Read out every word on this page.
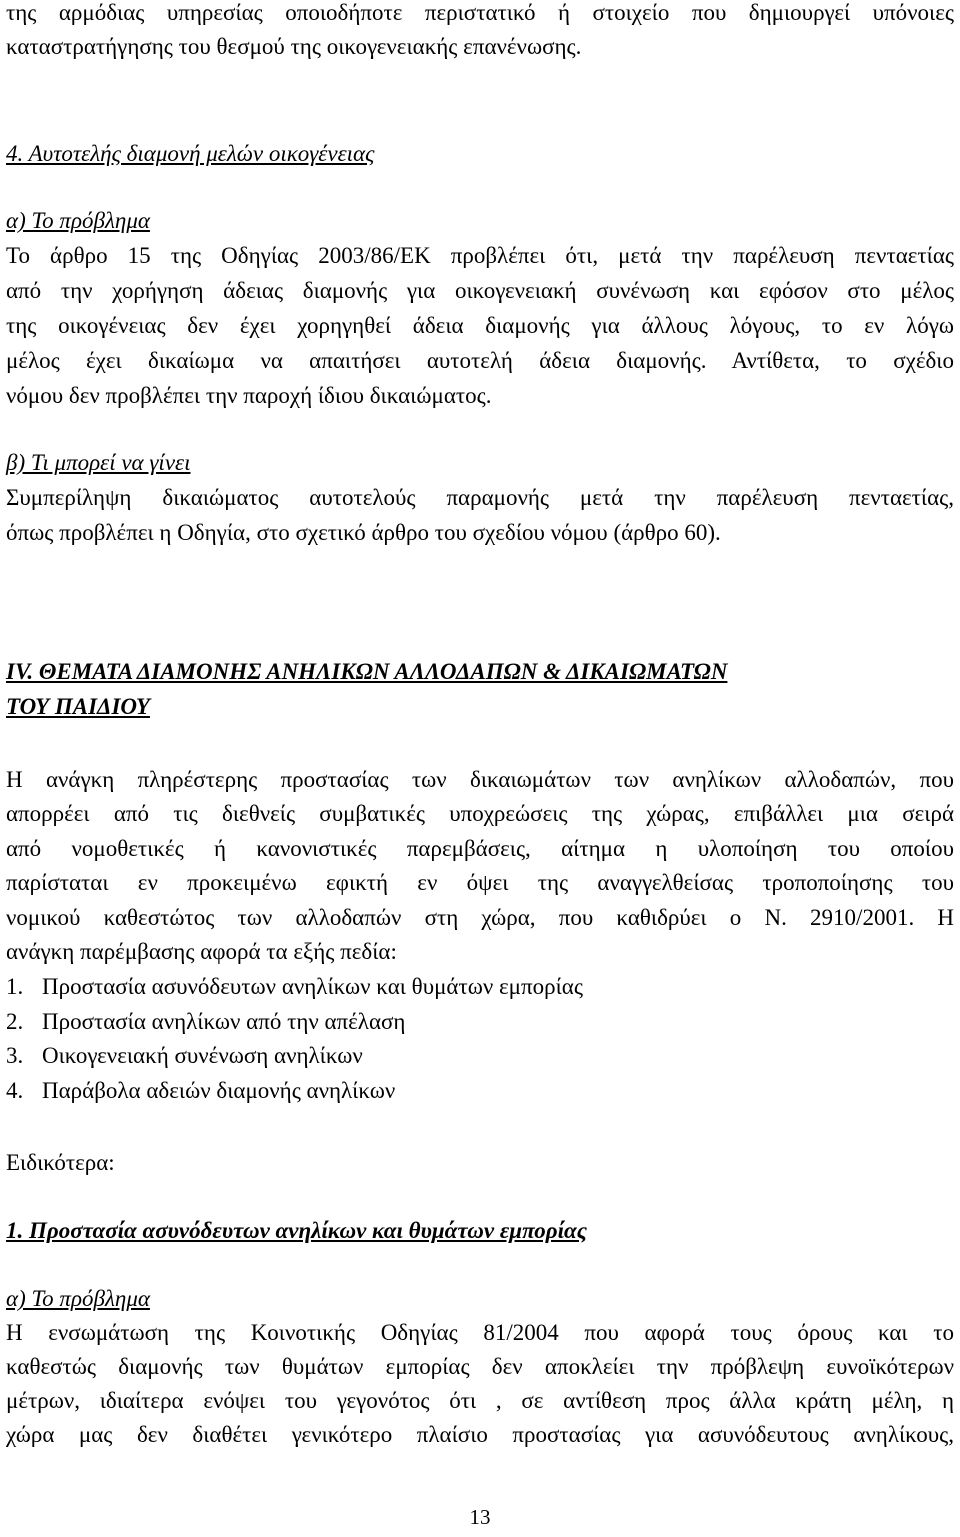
της αρμόδιας υπηρεσίας οποιοδήποτε περιστατικό ή στοιχείο που δημιουργεί υπόνοιες
καταστρατήγησης του θεσμού της οικογενειακής επανένωσης.
4. Αυτοτελής διαμονή μελών οικογένειας
α) Το πρόβλημα
Το άρθρο 15 της Οδηγίας 2003/86/ΕΚ προβλέπει ότι, μετά την παρέλευση πενταετίας
από την χορήγηση άδειας διαμονής για οικογενειακή συνένωση και εφόσον στο μέλος
της οικογένειας δεν έχει χορηγηθεί άδεια διαμονής για άλλους λόγους, το εν λόγω
μέλος έχει δικαίωμα να απαιτήσει αυτοτελή άδεια διαμονής. Αντίθετα, το σχέδιο
νόμου δεν προβλέπει την παροχή ίδιου δικαιώματος.
β) Τι μπορεί να γίνει
Συμπερίληψη δικαιώματος αυτοτελούς παραμονής μετά την παρέλευση πενταετίας,
όπως προβλέπει η Οδηγία, στο σχετικό άρθρο του σχεδίου νόμου (άρθρο 60).
IV. ΘΕΜΑΤΑ ΔΙΑΜΟΝΗΣ ΑΝΗΛΙΚΩΝ ΑΛΛΟΔΑΠΩΝ & ΔΙΚΑΙΩΜΑΤΩΝ
ΤΟΥ ΠΑΙΔΙΟΥ
Η ανάγκη πληρέστερης προστασίας των δικαιωμάτων των ανηλίκων αλλοδαπών, που
απορρέει από τις διεθνείς συμβατικές υποχρεώσεις της χώρας, επιβάλλει μια σειρά
από νομοθετικές ή κανονιστικές παρεμβάσεις, αίτημα η υλοποίηση του οποίου
παρίσταται εν προκειμένω εφικτή εν όψει της αναγγελθείσας τροποποίησης του
νομικού καθεστώτος των αλλοδαπών στη χώρα, που καθιδρύει ο Ν. 2910/2001. Η
ανάγκη παρέμβασης αφορά τα εξής πεδία:
1. Προστασία ασυνόδευτων ανηλίκων και θυμάτων εμπορίας
2. Προστασία ανηλίκων από την απέλαση
3. Οικογενειακή συνένωση ανηλίκων
4. Παράβολα αδειών διαμονής ανηλίκων
Ειδικότερα:
1. Προστασία ασυνόδευτων ανηλίκων και θυμάτων εμπορίας
α) Το πρόβλημα
Η ενσωμάτωση της Κοινοτικής Οδηγίας 81/2004 που αφορά τους όρους και το
καθεστώς διαμονής των θυμάτων εμπορίας δεν αποκλείει την πρόβλεψη ευνοϊκότερων
μέτρων, ιδιαίτερα ενόψει του γεγονότος ότι , σε αντίθεση προς άλλα κράτη μέλη, η
χώρα μας δεν διαθέτει γενικότερο πλαίσιο προστασίας για ασυνόδευτους ανηλίκους,
13
